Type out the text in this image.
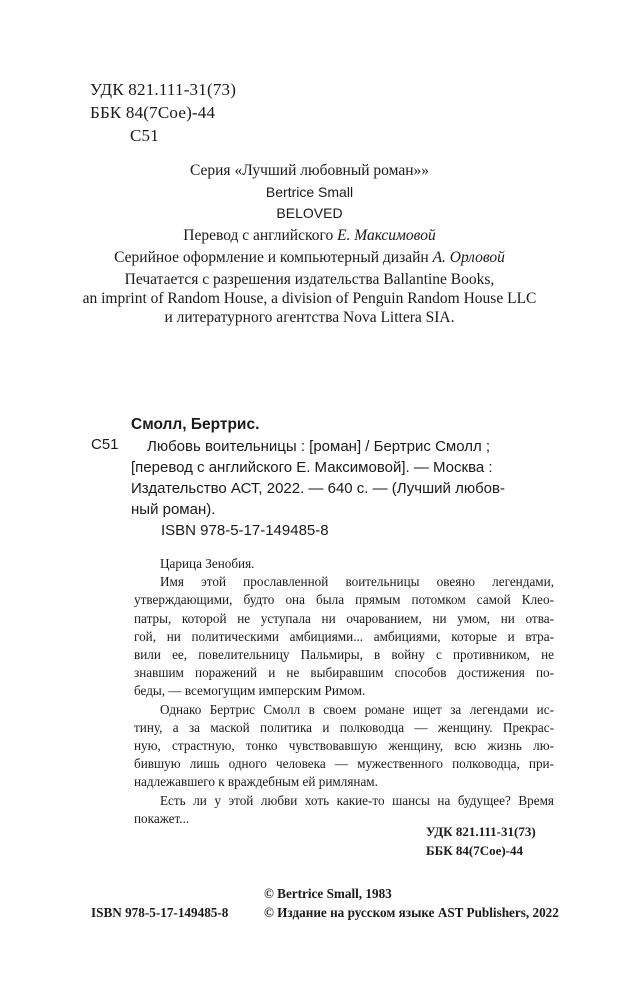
УДК 821.111-31(73)
ББК 84(7Сое)-44
С51
Серия «Лучший любовный роман»»
Bertrice Small
BELOVED
Перевод с английского Е. Максимовой
Серийное оформление и компьютерный дизайн А. Орловой
Печатается с разрешения издательства Ballantine Books,
an imprint of Random House, a division of Penguin Random House LLC
и литературного агентства Nova Littera SIA.
Смолл, Бертрис.
С51	Любовь воительницы : [роман] / Бертрис Смолл ;
[перевод с английского Е. Максимовой]. — Москва :
Издательство АСТ, 2022. — 640 с. — (Лучший любов-
ный роман).
ISBN 978-5-17-149485-8
Царица Зенобия.
Имя этой прославленной воительницы овеяно легендами,
утверждающими, будто она была прямым потомком самой Клео-
патры, которой не уступала ни очарованием, ни умом, ни отва-
гой, ни политическими амбициями... амбициями, которые и втра-
вили ее, повелительницу Пальмиры, в войну с противником, не
знавшим поражений и не выбиравшим способов достижения по-
беды, — всемогущим имперским Римом.
Однако Бертрис Смолл в своем романе ищет за легендами ис-
тину, а за маской политика и полководца — женщину. Прекрас-
ную, страстную, тонко чувствовавшую женщину, всю жизнь лю-
бившую лишь одного человека — мужественного полководца, при-
надлежавшего к враждебным ей римлянам.
Есть ли у этой любви хоть какие-то шансы на будущее? Время
покажет...
УДК 821.111-31(73)
ББК 84(7Сое)-44
© Bertrice Small, 1983
© Издание на русском языке AST Publishers, 2022
ISBN 978-5-17-149485-8
